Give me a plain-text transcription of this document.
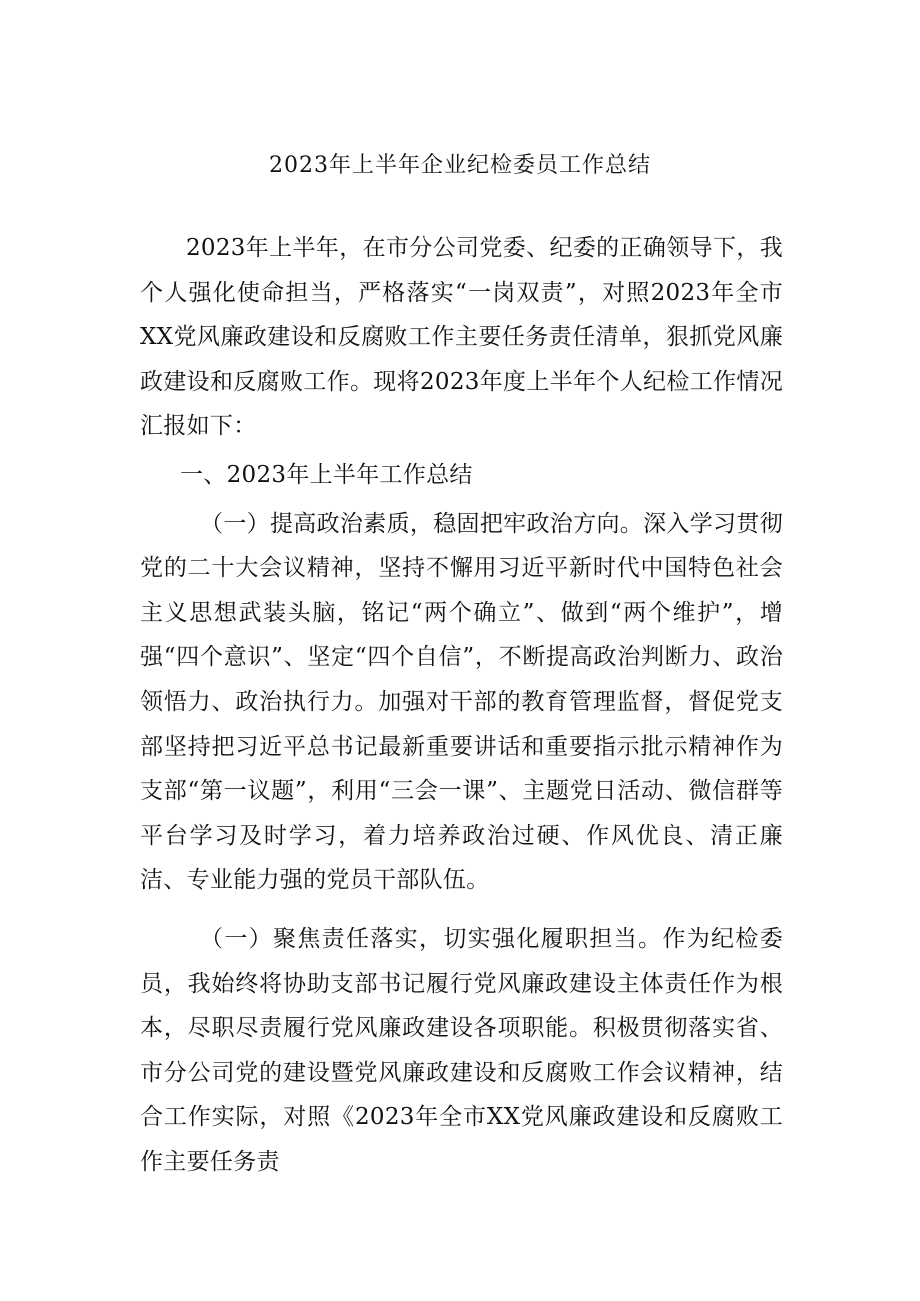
2023年上半年企业纪检委员工作总结

2023年上半年，在市分公司党委、纪委的正确领导下，我个人强化使命担当，严格落实“一岗双责”，对照2023年全市XX党风廉政建设和反腐败工作主要任务责任清单，狠抓党风廉政建设和反腐败工作。现将2023年度上半年个人纪检工作情况汇报如下：

一、2023年上半年工作总结

（一）提高政治素质，稳固把牢政治方向。深入学习贯彻党的二十大会议精神，坚持不懈用习近平新时代中国特色社会主义思想武装头脑，铭记“两个确立”、做到“两个维护”，增强“四个意识”、坚定“四个自信”，不断提高政治判断力、政治领悟力、政治执行力。加强对干部的教育管理监督，督促党支部坚持把习近平总书记最新重要讲话和重要指示批示精神作为支部“第一议题”，利用“三会一课”、主题党日活动、微信群等平台学习及时学习，着力培养政治过硬、作风优良、清正廉洁、专业能力强的党员干部队伍。

（一）聚焦责任落实，切实强化履职担当。作为纪检委员，我始终将协助支部书记履行党风廉政建设主体责任作为根本，尽职尽责履行党风廉政建设各项职能。积极贯彻落实省、市分公司党的建设暨党风廉政建设和反腐败工作会议精神，结合工作实际，对照《2023年全市XX党风廉政建设和反腐败工作主要任务责
